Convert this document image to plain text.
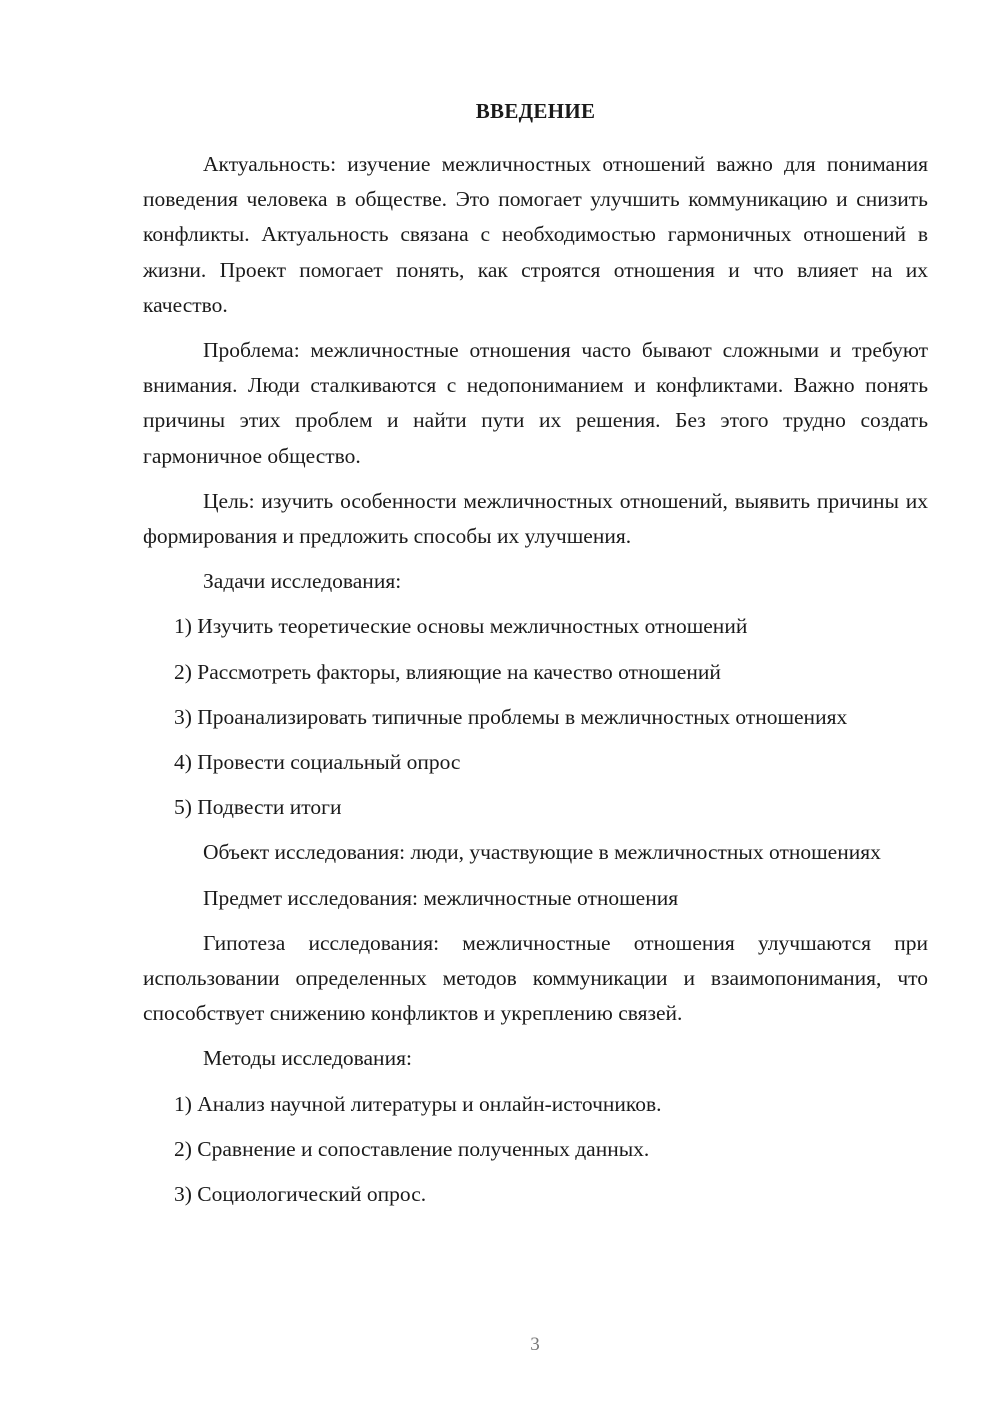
ВВЕДЕНИЕ

Актуальность: изучение межличностных отношений важно для понимания поведения человека в обществе. Это помогает улучшить коммуникацию и снизить конфликты. Актуальность связана с необходимостью гармоничных отношений в жизни. Проект помогает понять, как строятся отношения и что влияет на их качество.

Проблема: межличностные отношения часто бывают сложными и требуют внимания. Люди сталкиваются с недопониманием и конфликтами. Важно понять причины этих проблем и найти пути их решения. Без этого трудно создать гармоничное общество.

Цель: изучить особенности межличностных отношений, выявить причины их формирования и предложить способы их улучшения.

Задачи исследования:

1) Изучить теоретические основы межличностных отношений

2) Рассмотреть факторы, влияющие на качество отношений

3) Проанализировать типичные проблемы в межличностных отношениях

4) Провести социальный опрос

5) Подвести итоги

Объект исследования: люди, участвующие в межличностных отношениях

Предмет исследования: межличностные отношения

Гипотеза исследования: межличностные отношения улучшаются при использовании определенных методов коммуникации и взаимопонимания, что способствует снижению конфликтов и укреплению связей.

Методы исследования:

1) Анализ научной литературы и онлайн-источников.

2) Сравнение и сопоставление полученных данных.

3) Социологический опрос.

3
